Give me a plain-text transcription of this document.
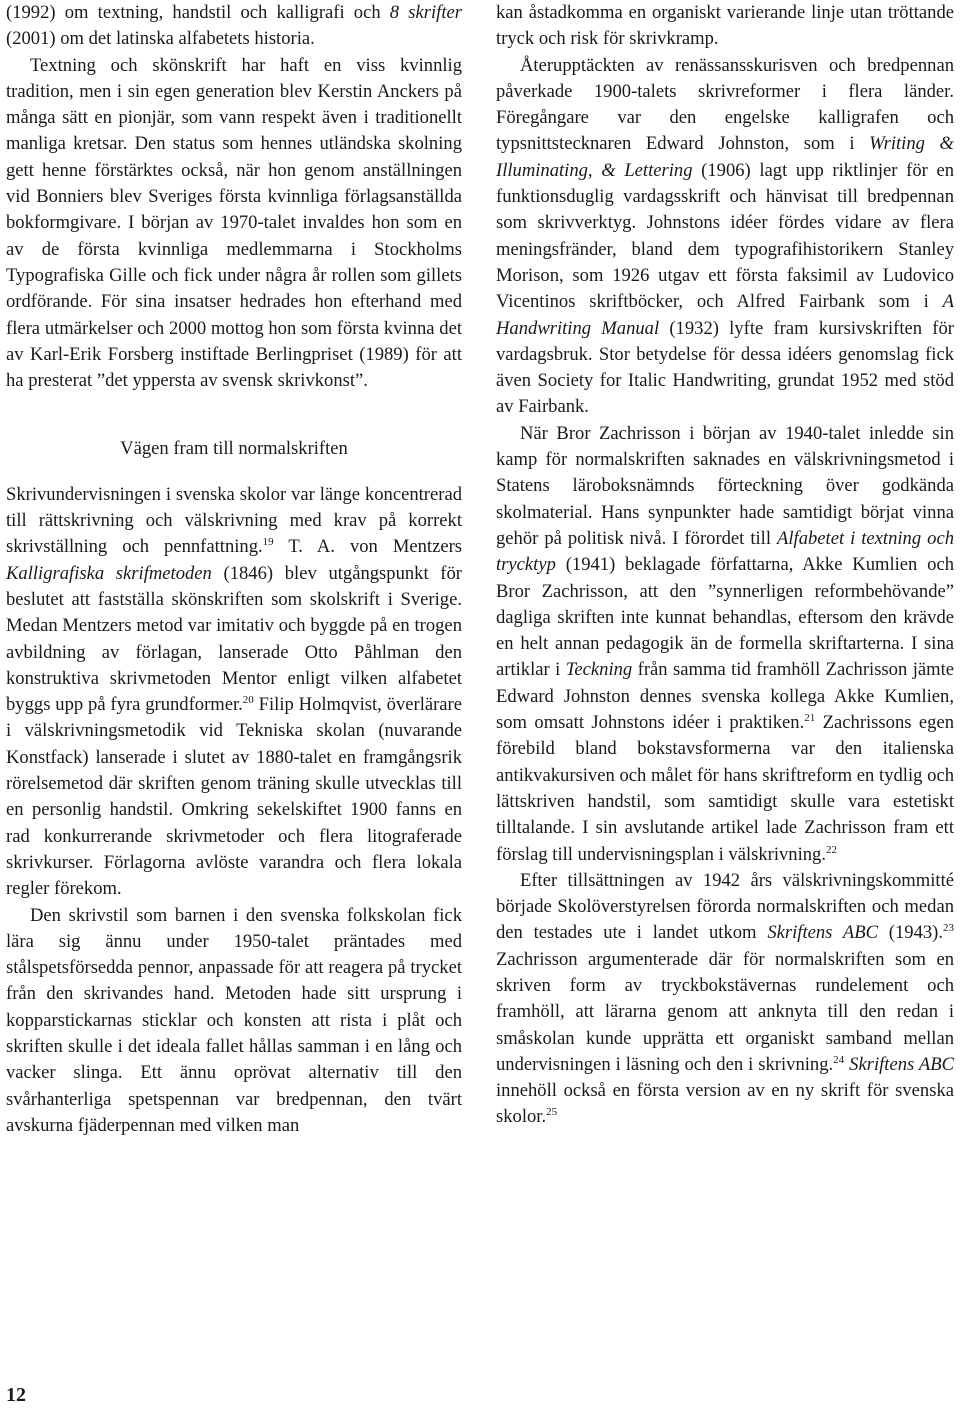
(1992) om textning, handstil och kalligrafi och 8 skrifter (2001) om det latinska alfabetets historia.

Textning och skönskrift har haft en viss kvinnlig tradition, men i sin egen generation blev Kerstin Anckers på många sätt en pionjär, som vann respekt även i traditionellt manliga kretsar. Den status som hennes utländska skolning gett henne förstärktes också, när hon genom anställningen vid Bonniers blev Sveriges första kvinnliga förlagsanställda bokformgivare. I början av 1970-talet invaldes hon som en av de första kvinnliga medlemmarna i Stockholms Typografiska Gille och fick under några år rollen som gillets ordförande. För sina insatser hedrades hon efterhand med flera utmärkelser och 2000 mottog hon som första kvinna det av Karl-Erik Forsberg instiftade Berlingpriset (1989) för att ha presterat ”det yppersta av svensk skrivkonst”.

Vägen fram till normalskriften

Skrivundervisningen i svenska skolor var länge koncentrerad till rättskrivning och välskrivning med krav på korrekt skrivställning och pennfattning.$^{19}$ T. A. von Mentzers Kalligrafiska skrifmetoden (1846) blev utgångspunkt för beslutet att fastställa skönskriften som skolskrift i Sverige. Medan Mentzers metod var imitativ och byggde på en trogen avbildning av förlagan, lanserade Otto Påhlman den konstruktiva skrivmetoden Mentor enligt vilken alfabetet byggs upp på fyra grundformer.$^{20}$ Filip Holmqvist, överlärare i välskrivningsmetodik vid Tekniska skolan (nuvarande Konstfack) lanserade i slutet av 1880-talet en framgångsrik rörelsemetod där skriften genom träning skulle utvecklas till en personlig handstil. Omkring sekelskiftet 1900 fanns en rad konkurrerande skrivmetoder och flera litograferade skrivkurser. Förlagorna avlöste varandra och flera lokala regler förekom.

Den skrivstil som barnen i den svenska folkskolan fick lära sig ännu under 1950-talet präntades med stålspetsförsedda pennor, anpassade för att reagera på trycket från den skrivandes hand. Metoden hade sitt ursprung i kopparstickarnas sticklar och konsten att rista i plåt och skriften skulle i det ideala fallet hållas samman i en lång och vacker slinga. Ett ännu oprövat alternativ till den svårhanterliga spetspennan var bredpennan, den tvärt avskurna fjäderpennan med vilken man

kan åstadkomma en organiskt varierande linje utan tröttande tryck och risk för skrivkramp.

Återupptäckten av renässansskurisven och bredpennan påverkade 1900-talets skrivreformer i flera länder. Föregångare var den engelske kalligrafen och typsnittstecknaren Edward Johnston, som i Writing & Illuminating, & Lettering (1906) lagt upp riktlinjer för en funktionsduglig vardagsskrift och hänvisat till bredpennan som skrivverktyg. Johnstons idéer fördes vidare av flera meningsfränder, bland dem typografihistorikern Stanley Morison, som 1926 utgav ett första faksimil av Ludovico Vicentinos skriftböcker, och Alfred Fairbank som i A Handwriting Manual (1932) lyfte fram kursivskriften för vardagsbruk. Stor betydelse för dessa idéers genomslag fick även Society for Italic Handwriting, grundat 1952 med stöd av Fairbank.

När Bror Zachrisson i början av 1940-talet inledde sin kamp för normalskriften saknades en välskrivningsmetod i Statens läroboksnämnds förteckning över godkända skolmaterial. Hans synpunkter hade samtidigt börjat vinna gehör på politisk nivå. I förordet till Alfabetet i textning och trycktyp (1941) beklagade författarna, Akke Kumlien och Bror Zachrisson, att den ”synnerligen reformbehövande” dagliga skriften inte kunnat behandlas, eftersom den krävde en helt annan pedagogik än de formella skriftarterna. I sina artiklar i Teckning från samma tid framhöll Zachrisson jämte Edward Johnston dennes svenska kollega Akke Kumlien, som omsatt Johnstons idéer i praktiken.$^{21}$ Zachrissons egen förebild bland bokstavsformerna var den italienska antikvakursiven och målet för hans skriftreform en tydlig och lättskriven handstil, som samtidigt skulle vara estetiskt tilltalande. I sin avslutande artikel lade Zachrisson fram ett förslag till undervisningsplan i välskrivning.$^{22}$

Efter tillsättningen av 1942 års välskrivningskommitté började Skolöverstyrelsen förorda normalskriften och medan den testades ute i landet utkom Skriftens ABC (1943).$^{23}$ Zachrisson argumenterade där för normalskriften som en skriven form av tryckbokstävernas rundelement och framhöll, att lärarna genom att anknyta till den redan i småskolan kunde upprätta ett organiskt samband mellan undervisningen i läsning och den i skrivning.$^{24}$ Skriftens ABC innehöll också en första version av en ny skrift för svenska skolor.$^{25}$

12
